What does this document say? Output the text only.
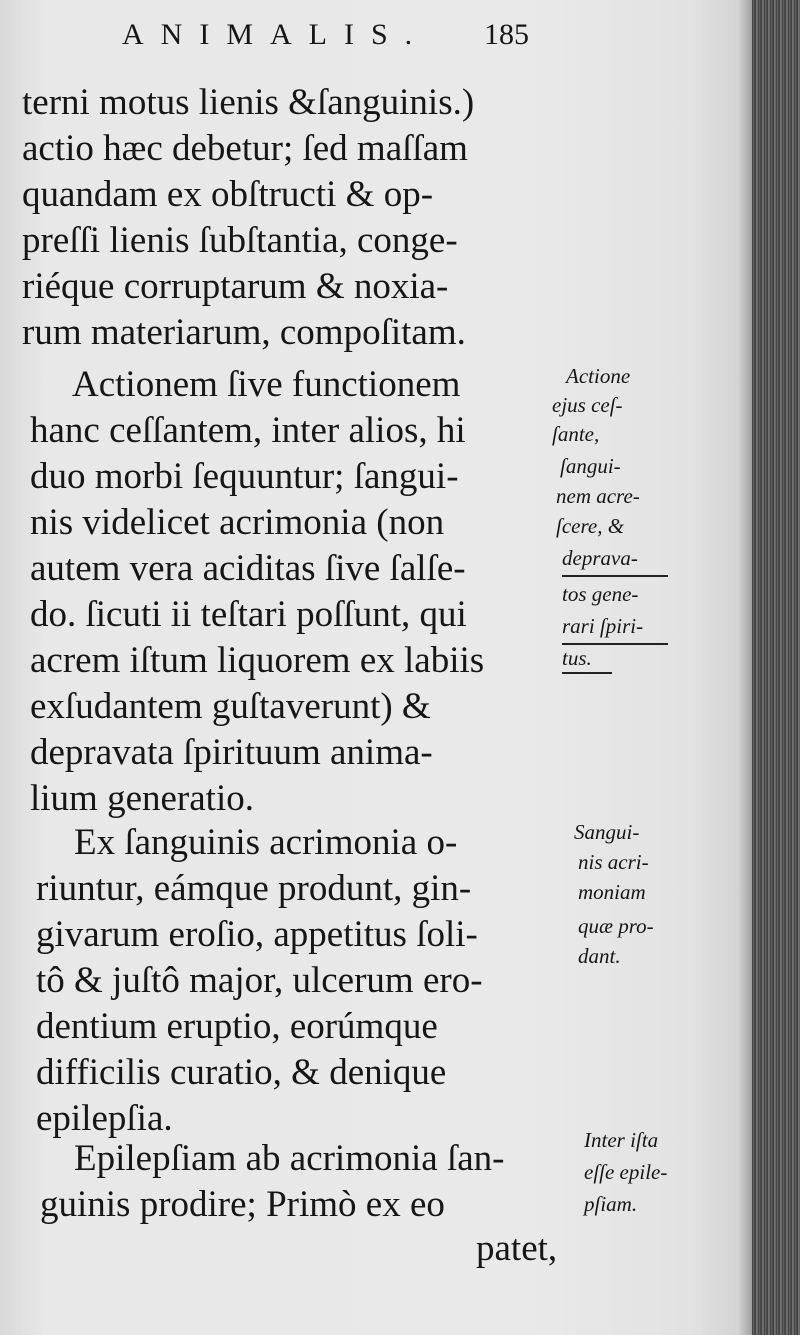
ANIMALIS. 185
terni motus lienis &ſanguinis.)
actio hæc debetur; ſed maſſam
quandam ex obſtructi & op-
preſſi lienis ſubſtantia, conge-
riéque corruptarum & noxia-
rum materiarum, compoſitam.
Actionem ſive functionem
hanc ceſſantem, inter alios, hi
duo morbi ſequuntur; ſangui-
nis videlicet acrimonia (non
autem vera aciditas ſive ſalſe-
do. ſicuti ii teſtari poſſunt, qui
acrem iſtum liquorem ex labiis
exſudantem guſtaverunt) &
depravata ſpirituum anima-
lium generatio.
Ex ſanguinis acrimonia o-
riuntur, eámque produnt, gin-
givarum eroſio, appetitus ſoli-
tô & juſtô major, ulcerum ero-
dentium eruptio, eorúmque
difficilis curatio, & denique
epilepſia.
Epilepſiam ab acrimonia ſan-
guinis prodire; Primò ex eo
patet,
Actione
ejus ceſ-
ſante,
ſangui-
nem acre-
ſcere, &
deprava-
tos gene-
rari ſpiri-
tus.
Sangui-
nis acri-
moniam
quæ pro-
dant.
Inter iſta
eſſe epile-
pſiam.
